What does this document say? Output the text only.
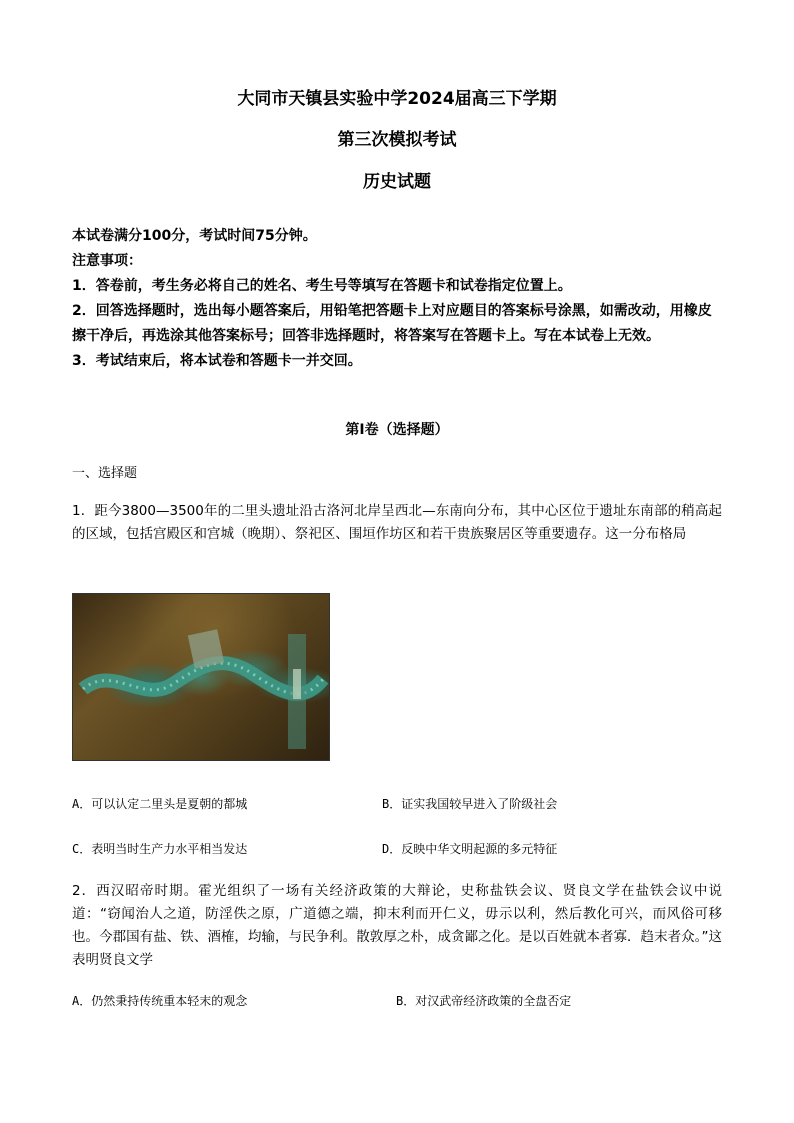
大同市天镇县实验中学2024届高三下学期
第三次模拟考试
历史试题
本试卷满分100分，考试时间75分钟。
注意事项：
1．答卷前，考生务必将自己的姓名、考生号等填写在答题卡和试卷指定位置上。
2．回答选择题时，选出每小题答案后，用铅笔把答题卡上对应题目的答案标号涂黑，如需改动，用橡皮擦干净后，再选涂其他答案标号；回答非选择题时，将答案写在答题卡上。写在本试卷上无效。
3．考试结束后，将本试卷和答题卡一并交回。
第I卷（选择题）
一、选择题
1．距今3800—3500年的二里头遗址沿古洛河北岸呈西北—东南向分布，其中心区位于遗址东南部的稍高起的区域，包括宫殿区和宫城（晚期）、祭祀区、围垣作坊区和若干贵族聚居区等重要遗存。这一分布格局
A．可以认定二里头是夏朝的都城	B．证实我国较早进入了阶级社会
C．表明当时生产力水平相当发达	D．反映中华文明起源的多元特征
2．西汉昭帝时期。霍光组织了一场有关经济政策的大辩论，史称盐铁会议、贤良文学在盐铁会议中说道：“窃闻治人之道，防淫佚之原，广道德之端，抑末利而开仁义，毋示以利，然后教化可兴，而风俗可移也。今郡国有盐、铁、酒榷，均输，与民争利。散敦厚之朴，成贪鄙之化。是以百姓就本者寡．趋末者众。”这表明贤良文学
A．仍然秉持传统重本轻末的观念	B．对汉武帝经济政策的全盘否定
